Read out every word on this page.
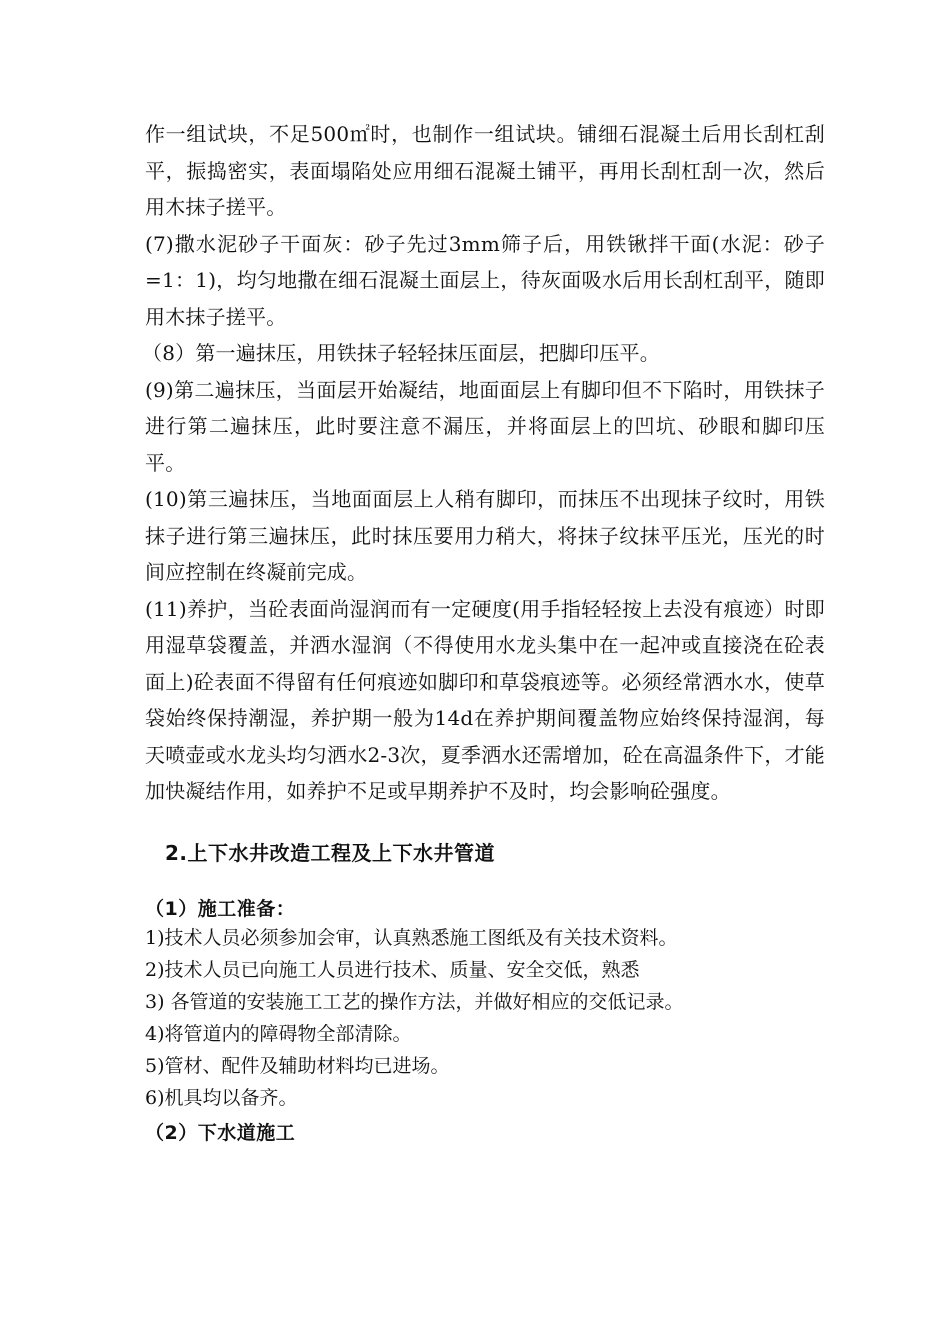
作一组试块，不足500㎡时，也制作一组试块。铺细石混凝土后用长刮杠刮平，振捣密实，表面塌陷处应用细石混凝土铺平，再用长刮杠刮一次，然后用木抹子搓平。

(7)撒水泥砂子干面灰：砂子先过3mm筛子后，用铁锹拌干面(水泥：砂子=1：1)，均匀地撒在细石混凝土面层上，待灰面吸水后用长刮杠刮平，随即用木抹子搓平。

（8）第一遍抹压，用铁抹子轻轻抹压面层，把脚印压平。

(9)第二遍抹压，当面层开始凝结，地面面层上有脚印但不下陷时，用铁抹子进行第二遍抹压，此时要注意不漏压，并将面层上的凹坑、砂眼和脚印压平。

(10)第三遍抹压，当地面面层上人稍有脚印，而抹压不出现抹子纹时，用铁抹子进行第三遍抹压，此时抹压要用力稍大，将抹子纹抹平压光，压光的时间应控制在终凝前完成。

(11)养护，当砼表面尚湿润而有一定硬度(用手指轻轻按上去没有痕迹）时即用湿草袋覆盖，并洒水湿润（不得使用水龙头集中在一起冲或直接浇在砼表面上)砼表面不得留有任何痕迹如脚印和草袋痕迹等。必须经常洒水水，使草袋始终保持潮湿，养护期一般为14d在养护期间覆盖物应始终保持湿润，每天喷壶或水龙头均匀洒水2-3次，夏季洒水还需增加，砼在高温条件下，才能加快凝结作用，如养护不足或早期养护不及时，均会影响砼强度。

2.上下水井改造工程及上下水井管道
（1）施工准备：

1)技术人员必须参加会审，认真熟悉施工图纸及有关技术资料。

2)技术人员已向施工人员进行技术、质量、安全交低，熟悉

3) 各管道的安装施工工艺的操作方法，并做好相应的交低记录。

4)将管道内的障碍物全部清除。

5)管材、配件及辅助材料均已进场。

6)机具均以备齐。

（2）下水道施工
